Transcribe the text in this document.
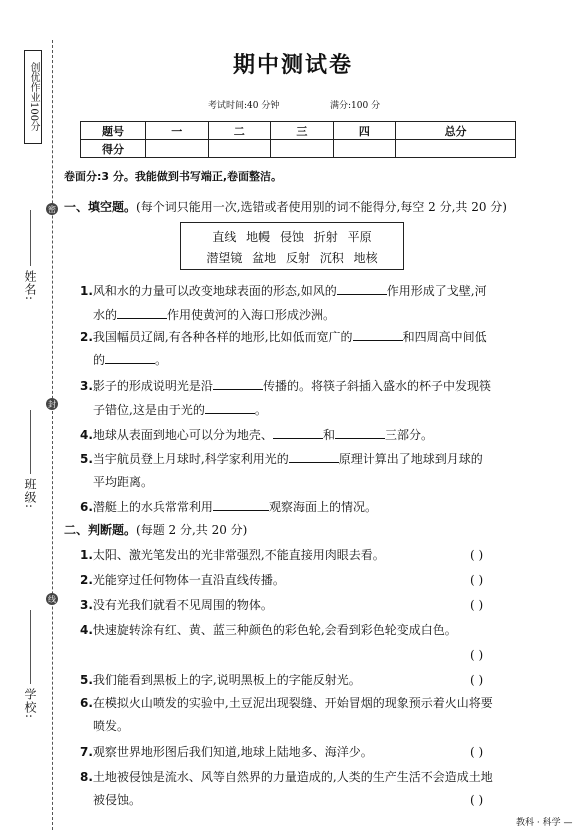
创优作业100分
密
封
线
姓名:
班级:
学校:
期中测试卷
考试时间:40 分钟	满分:100 分
题号	一	二	三	四	总分
得分					
卷面分:3 分。我能做到书写端正,卷面整洁。
一、填空题。(每个词只能用一次,选错或者使用别的词不能得分,每空 2 分,共 20 分)
直线 地幔 侵蚀 折射 平原
潜望镜 盆地 反射 沉积 地核
1.风和水的力量可以改变地球表面的形态,如风的	作用形成了戈壁,河
水的	作用使黄河的入海口形成沙洲。
2.我国幅员辽阔,有各种各样的地形,比如低而宽广的	和四周高中间低
的	。
3.影子的形成说明光是沿	传播的。将筷子斜插入盛水的杯子中发现筷
子错位,这是由于光的	。
4.地球从表面到地心可以分为地壳、	和	三部分。
5.当宇航员登上月球时,科学家利用光的	原理计算出了地球到月球的
平均距离。
6.潜艇上的水兵常常利用	观察海面上的情况。
二、判断题。(每题 2 分,共 20 分)
1.太阳、激光笔发出的光非常强烈,不能直接用肉眼去看。	( )
2.光能穿过任何物体一直沿直线传播。	( )
3.没有光我们就看不见周围的物体。	( )
4.快速旋转涂有红、黄、蓝三种颜色的彩色轮,会看到彩色轮变成白色。
( )
5.我们能看到黑板上的字,说明黑板上的字能反射光。	( )
6.在模拟火山喷发的实验中,土豆泥出现裂缝、开始冒烟的现象预示着火山将要
喷发。
7.观察世界地形图后我们知道,地球上陆地多、海洋少。	( )
8.土地被侵蚀是流水、风等自然界的力量造成的,人类的生产生活不会造成土地
被侵蚀。	( )
教科 · 科学 —
